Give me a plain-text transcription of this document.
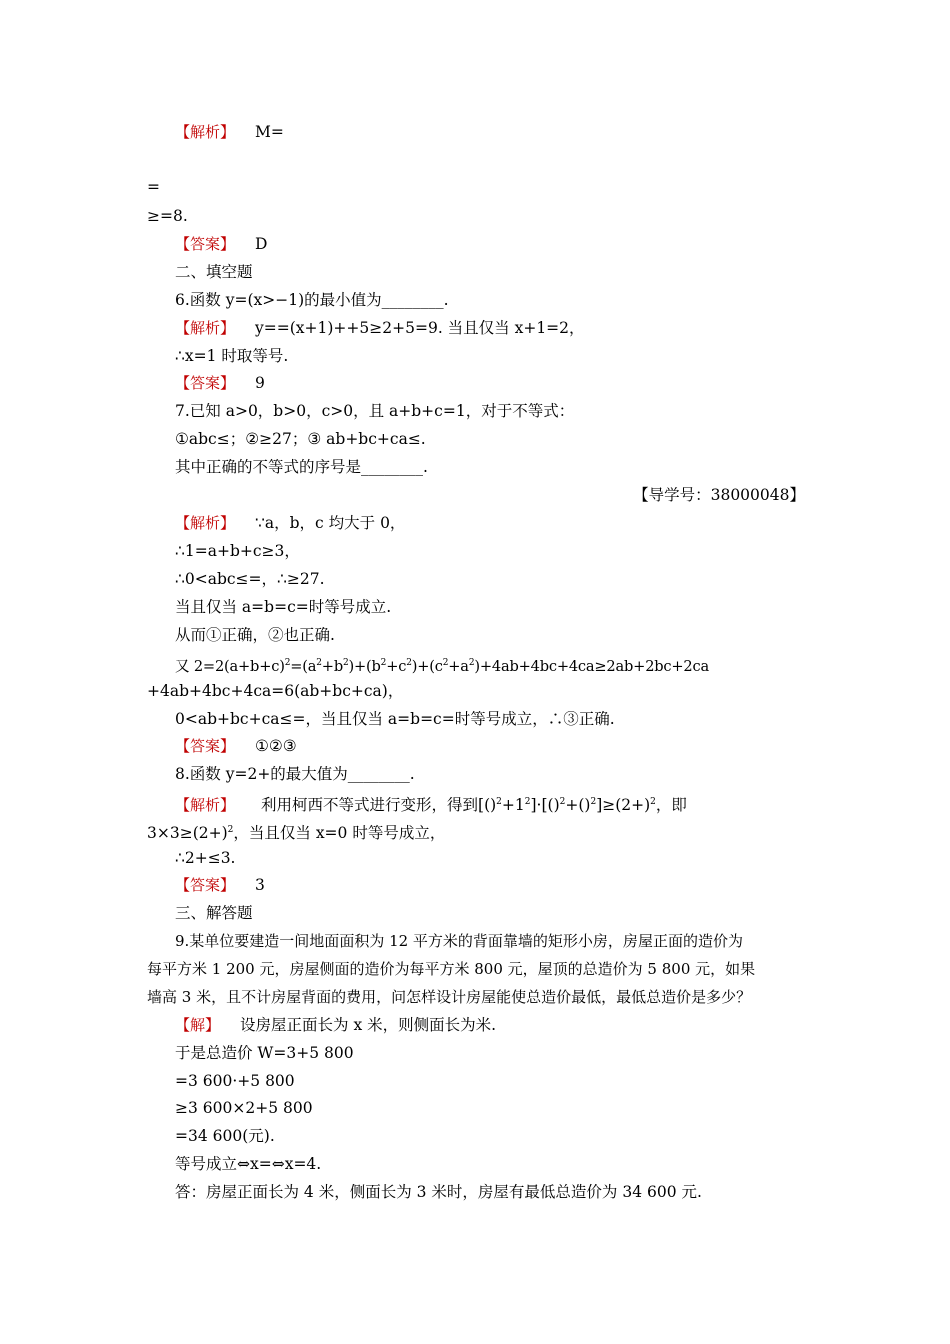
【解析】 M=
=
≥=8.
【答案】 D
二、填空题
6.函数 y=(x>−1)的最小值为________.
【解析】 y==(x+1)++5≥2+5=9. 当且仅当 x+1=2，
∴x=1 时取等号.
【答案】 9
7.已知 a>0，b>0，c>0，且 a+b+c=1，对于不等式：
①abc≤；②≥27；③ ab+bc+ca≤.
其中正确的不等式的序号是________.
【导学号：38000048】
【解析】 ∵a，b，c 均大于 0，
∴1=a+b+c≥3，
∴0<abc≤=，∴≥27.
当且仅当 a=b=c=时等号成立.
从而①正确，②也正确.
又 $2=2(a+b+c)^2=(a^2+b^2)+(b^2+c^2)+(c^2+a^2)+4ab+4bc+4ca\ge 2ab+2bc+2ca$
+4ab+4bc+4ca=6(ab+bc+ca)，
0<ab+bc+ca≤=，当且仅当 a=b=c=时等号成立，∴③正确.
【答案】 ①②③
8.函数 y=2+的最大值为________.
【解析】 利用柯西不等式进行变形，得到$[()^2+1^2]\cdot[()^2+()^2]\ge(2+)^2$，即
$3\times 3\ge(2+)^2$，当且仅当 x=0 时等号成立，
∴2+≤3.
【答案】 3
三、解答题
9.某单位要建造一间地面面积为 12 平方米的背面靠墙的矩形小房，房屋正面的造价为
每平方米 1 200 元，房屋侧面的造价为每平方米 800 元，屋顶的总造价为 5 800 元，如果
墙高 3 米，且不计房屋背面的费用，问怎样设计房屋能使总造价最低，最低总造价是多少？
【解】 设房屋正面长为 x 米，则侧面长为米.
于是总造价 W=3+5 800
=3 600·+5 800
≥3 600×2+5 800
=34 600(元).
等号成立⇔x=⇔x=4.
答：房屋正面长为 4 米，侧面长为 3 米时，房屋有最低总造价为 34 600 元.
